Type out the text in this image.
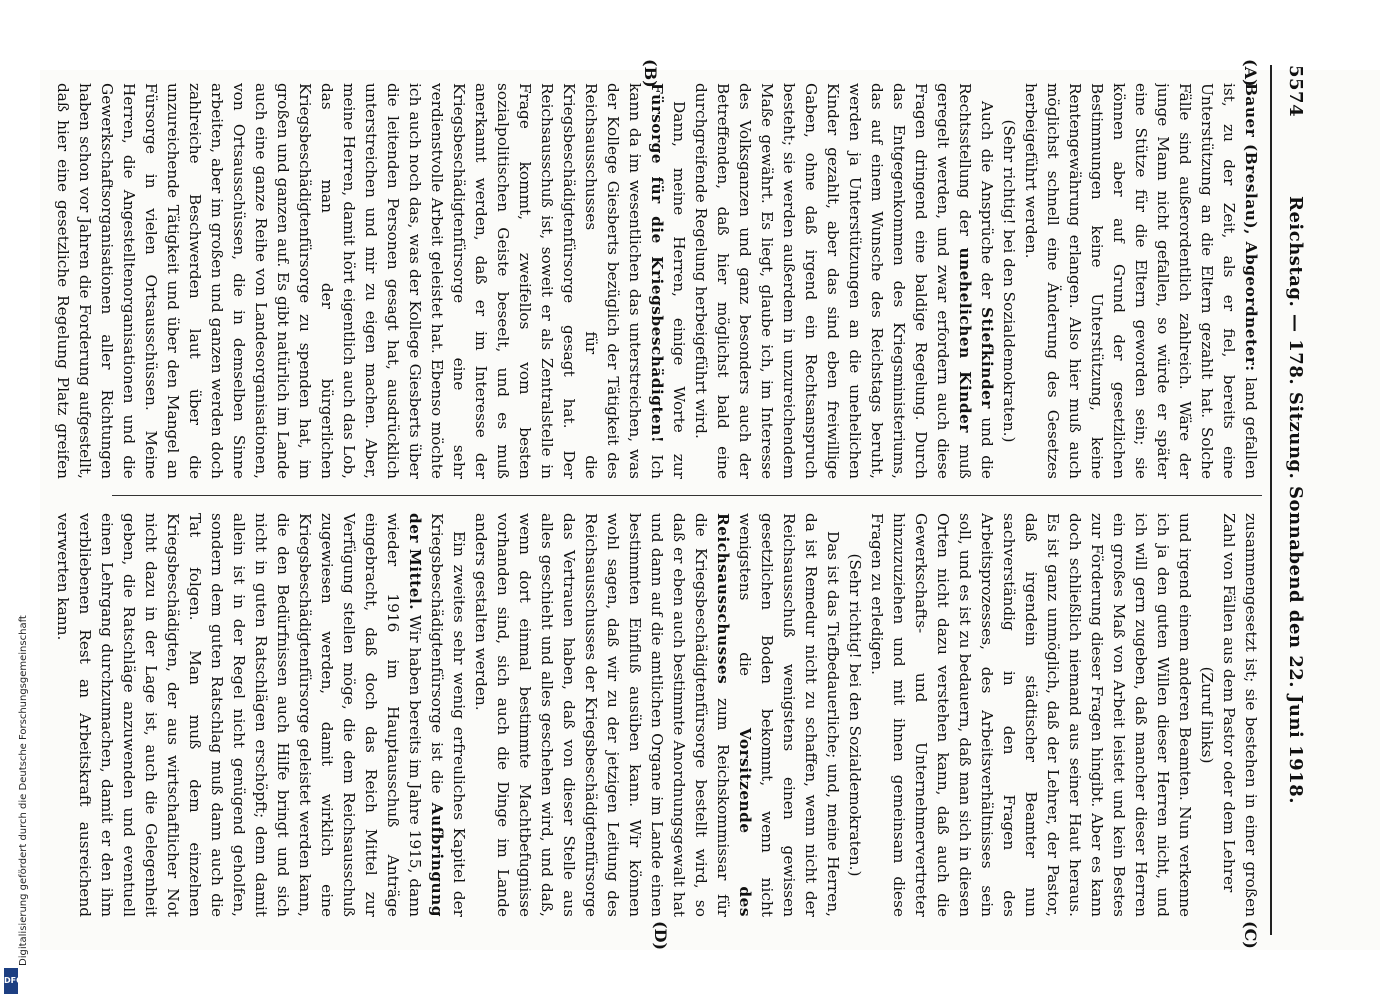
5574
Reichstag. — 178. Sitzung. Sonnabend den 22. Juni 1918.
(A)
(B)
(C)
(D)

Bauer (Breslau), Abgeordneter: land gefallen ist, zu der Zeit, als er fiel, bereits eine Unterstützung an die Eltern gezahlt hat. Solche Fälle sind außerordentlich zahlreich. Wäre der junge Mann nicht gefallen, so würde er später eine Stütze für die Eltern geworden sein; sie können aber auf Grund der gesetzlichen Bestimmungen keine Unterstützung, keine Rentengewährung erlangen. Also hier muß auch möglichst schnell eine Änderung des Gesetzes herbeigeführt werden.

(Sehr richtig! bei den Sozialdemokraten.)

Auch die Ansprüche der Stiefkinder und die Rechtsstellung der unehelichen Kinder muß geregelt werden, und zwar erfordern auch diese Fragen dringend eine baldige Regelung. Durch das Entgegenkommen des Kriegsministeriums, das auf einem Wunsche des Reichstags beruht, werden ja Unterstützungen an die unehelichen Kinder gezahlt, aber das sind eben freiwillige Gaben, ohne daß irgend ein Rechtsanspruch besteht; sie werden außerdem in unzureichendem Maße gewährt. Es liegt, glaube ich, im Interesse des Volksganzen und ganz besonders auch der Betreffenden, daß hier möglichst bald eine durchgreifende Regelung herbeigeführt wird.

Dann, meine Herren, einige Worte zur Fürsorge für die Kriegsbeschädigten! Ich kann da im wesentlichen das unterstreichen, was der Kollege Giesberts bezüglich der Tätigkeit des Reichsausschusses für die Kriegsbeschädigtenfürsorge gesagt hat. Der Reichsausschuß ist, soweit er als Zentralstelle in Frage kommt, zweifellos vom besten sozialpolitischen Geiste beseelt, und es muß anerkannt werden, daß er im Interesse der Kriegsbeschädigtenfürsorge eine sehr verdienstvolle Arbeit geleistet hat. Ebenso möchte ich auch noch das, was der Kollege Giesberts über die leitenden Personen gesagt hat, ausdrücklich unterstreichen und mir zu eigen machen. Aber, meine Herren, damit hört eigentlich auch das Lob, das man der bürgerlichen Kriegsbeschädigtenfürsorge zu spenden hat, im großen und ganzen auf. Es gibt natürlich im Lande auch eine ganze Reihe von Landesorganisationen, von Ortsausschüssen, die in demselben Sinne arbeiten, aber im großen und ganzen werden doch zahlreiche Beschwerden laut über die unzureichende Tätigkeit und über den Mangel an Fürsorge in vielen Ortsausschüssen. Meine Herren, die Angestelltenorganisationen und die Gewerkschaftsorganisationen aller Richtungen haben schon vor Jahren die Forderung aufgestellt, daß hier eine gesetzliche Regelung Platz greifen

zusammengesetzt ist; sie bestehen in einer großen Zahl von Fällen aus dem Pastor oder dem Lehrer

(Zuruf links)

und irgend einem anderen Beamten. Nun verkenne ich ja den guten Willen dieser Herren nicht, und ich will gern zugeben, daß mancher dieser Herren ein großes Maß von Arbeit leistet und kein Bestes zur Förderung dieser Fragen hingibt. Aber es kann doch schließlich niemand aus seiner Haut heraus. Es ist ganz unmöglich, daß der Lehrer, der Pastor, daß irgendein städtischer Beamter nun sachverständig in den Fragen des Arbeitsprozesses, des Arbeitsverhältnisses sein soll, und es ist zu bedauern, daß man sich in diesen Orten nicht dazu verstehen kann, daß auch die Gewerkschafts- und Unternehmervertreter hinzuzuziehen und mit ihnen gemeinsam diese Fragen zu erledigen.

(Sehr richtig! bei den Sozialdemokraten.)

Das ist das Tiefbedauerliche; und, meine Herren, da ist Remedur nicht zu schaffen, wenn nicht der Reichsausschuß wenigstens einen gewissen gesetzlichen Boden bekommt, wenn nicht wenigstens die Vorsitzende des Reichsausschusses zum Reichskommissar für die Kriegsbeschädigtenfürsorge bestellt wird, so daß er eben auch bestimmte Anordnungsgewalt hat und dann auf die amtlichen Organe im Lande einen bestimmten Einfluß ausüben kann. Wir können wohl sagen, daß wir zu der jetzigen Leitung des Reichsausschusses der Kriegsbeschädigtenfürsorge das Vertrauen haben, daß von dieser Stelle aus alles geschieht und alles geschehen wird, und daß, wenn dort einmal bestimmte Machtbefugnisse vorhanden sind, sich auch die Dinge im Lande anders gestalten werden.

Ein zweites sehr wenig erfreuliches Kapitel der Kriegsbeschädigtenfürsorge ist die Aufbringung der Mittel. Wir haben bereits im Jahre 1915, dann wieder 1916 im Hauptausschuß Anträge eingebracht, daß doch das Reich Mittel zur Verfügung stellen möge, die dem Reichsausschuß zugewiesen werden, damit wirklich eine Kriegsbeschädigtenfürsorge geleistet werden kann, die den Bedürfnissen auch Hilfe bringt und sich nicht in guten Ratschlägen erschöpft; denn damit allein ist in der Regel nicht genügend geholfen, sondern dem guten Ratschlag muß dann auch die Tat folgen. Man muß dem einzelnen Kriegsbeschädigten, der aus wirtschaftlicher Not nicht dazu in der Lage ist, auch die Gelegenheit geben, die Ratschläge anzuwenden und eventuell einen Lehrgang durchzumachen, damit er den ihm verbliebenen Rest an Arbeitskraft ausreichend verwerten kann.

Digitalisierung gefördert durch die Deutsche Forschungsgemeinschaft
DFG
